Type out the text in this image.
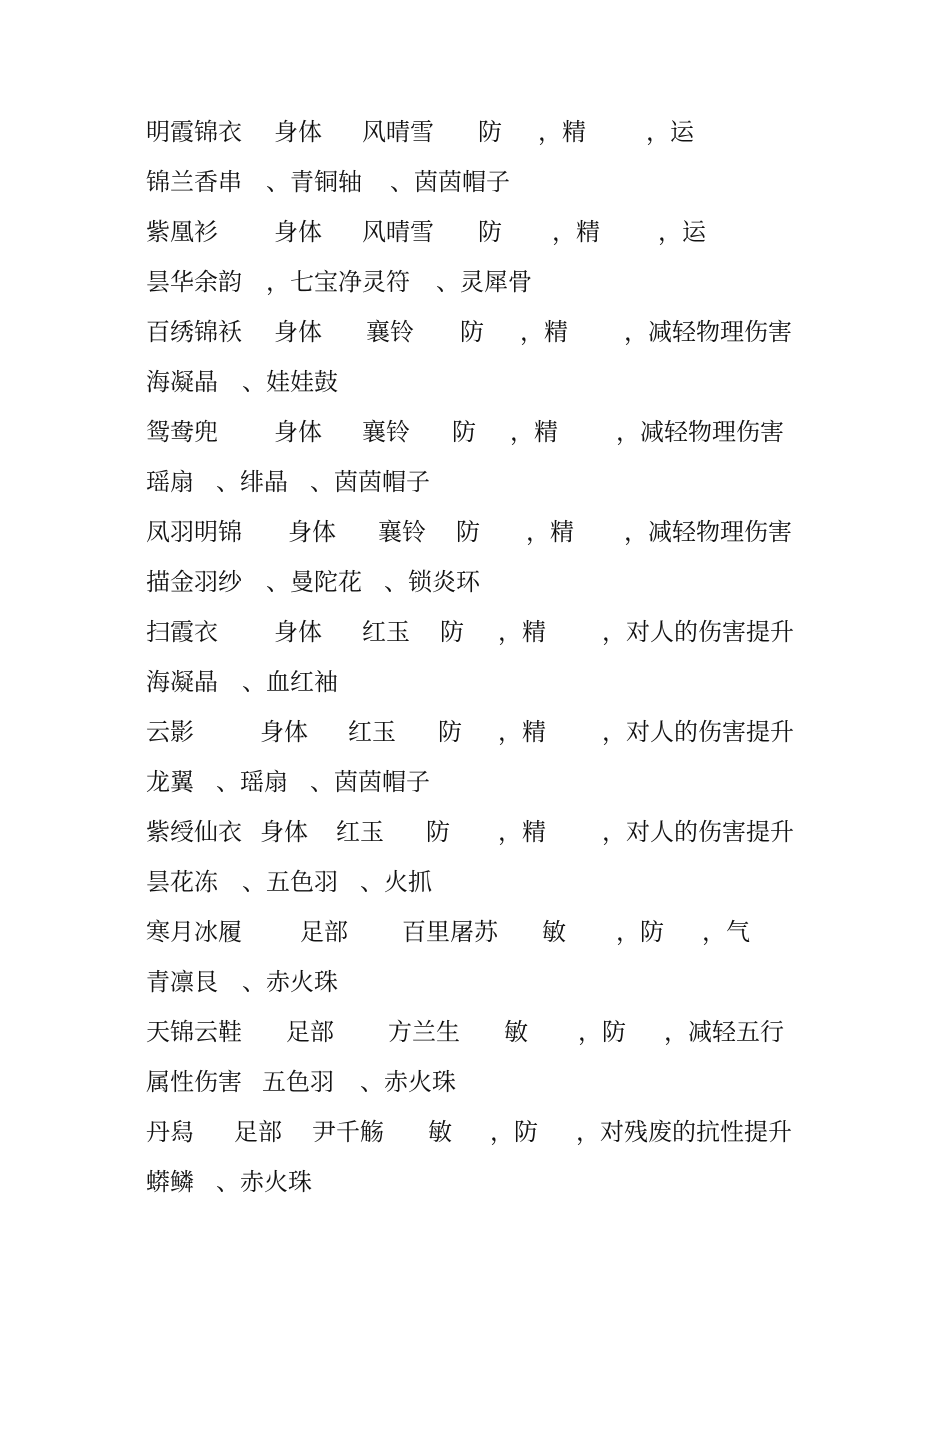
明霞锦衣

身体

风晴雪

防

，精

	，运

锦兰香串

、青铜轴

、茵茵帽子

紫凰衫

身体

风晴雪

防

，精

，运

昙华余韵

，七宝净灵符

、灵犀骨

百绣锦袄

身体

襄铃

防

，精

，减轻物理伤害

海凝晶

、娃娃鼓

鸳鸯兜

身体

襄铃

防

，精

，减轻物理伤害

瑶扇

、绯晶

、茵茵帽子

凤羽明锦

身体

襄铃

防

，精

，减轻物理伤害

描金羽纱

、曼陀花

、锁炎环

扫霞衣

身体

红玉

防

，精

，对人的伤害提升

海凝晶

、血红袖

云影

	身体

红玉

防

，精

，对人的伤害提升

龙翼

、瑶扇

、茵茵帽子

紫绶仙衣

身体

红玉

防

，精

，对人的伤害提升

昙花冻

、五色羽

、火抓

寒月冰履

足部

百里屠苏

敏

，防

，气

青凛艮

、赤火珠

天锦云鞋

足部

方兰生

敏

，防

，减轻五行

属性伤害

五色羽

、赤火珠

丹舄

足部

尹千觞

敏

，防

，对残废的抗性提升

蟒鳞

、赤火珠
